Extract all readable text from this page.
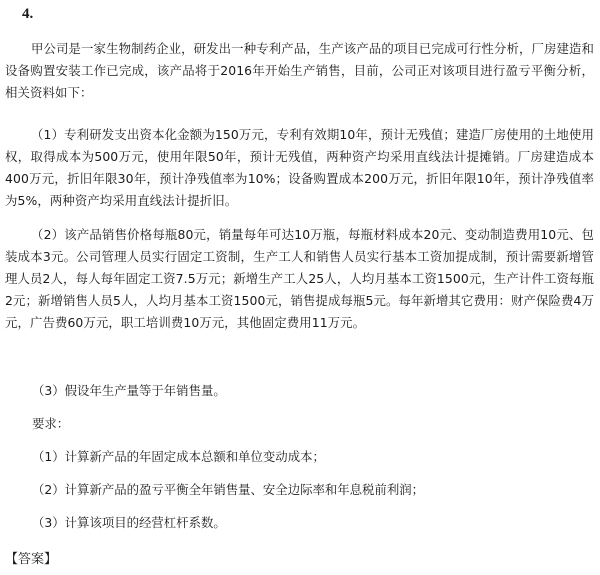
4.

甲公司是一家生物制药企业，研发出一种专利产品，生产该产品的项目已完成可行性分析，厂房建造和设备购置安装工作已完成，该产品将于2016年开始生产销售，目前，公司正对该项目进行盈亏平衡分析，相关资料如下：

（1）专利研发支出资本化金额为150万元，专利有效期10年，预计无残值；建造厂房使用的土地使用权，取得成本为500万元，使用年限50年，预计无残值，两种资产均采用直线法计提摊销。厂房建造成本400万元，折旧年限30年，预计净残值率为10%；设备购置成本200万元，折旧年限10年，预计净残值率为5%，两种资产均采用直线法计提折旧。

（2）该产品销售价格每瓶80元，销量每年可达10万瓶，每瓶材料成本20元、变动制造费用10元、包装成本3元。公司管理人员实行固定工资制，生产工人和销售人员实行基本工资加提成制，预计需要新增管理人员2人，每人每年固定工资7.5万元；新增生产工人25人，人均月基本工资1500元，生产计件工资每瓶2元；新增销售人员5人，人均月基本工资1500元，销售提成每瓶5元。每年新增其它费用：财产保险费4万元，广告费60万元，职工培训费10万元，其他固定费用11万元。

（3）假设年生产量等于年销售量。

要求：

（1）计算新产品的年固定成本总额和单位变动成本；

（2）计算新产品的盈亏平衡全年销售量、安全边际率和年息税前利润；

（3）计算该项目的经营杠杆系数。

【答案】
